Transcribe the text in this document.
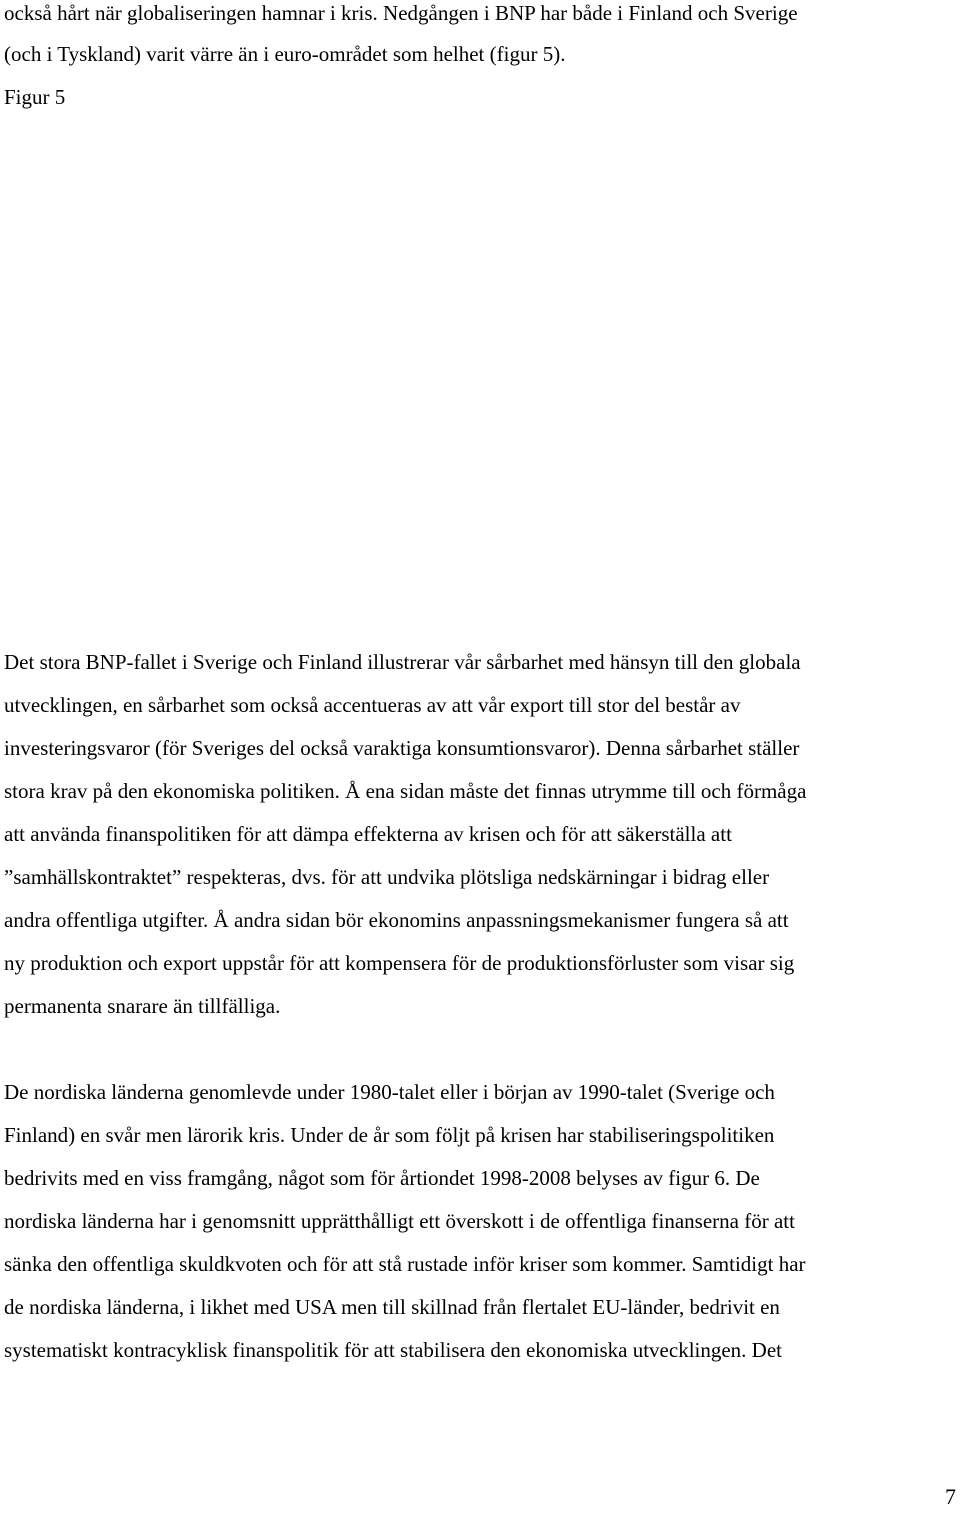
också hårt när globaliseringen hamnar i kris. Nedgången i BNP har både i Finland och Sverige

(och i Tyskland) varit värre än i euro-området som helhet (figur 5).

Figur 5

Det stora BNP-fallet i Sverige och Finland illustrerar vår sårbarhet med hänsyn till den globala

utvecklingen, en sårbarhet som också accentueras av att vår export till stor del består av

investeringsvaror (för Sveriges del också varaktiga konsumtionsvaror). Denna sårbarhet ställer

stora krav på den ekonomiska politiken. Å ena sidan måste det finnas utrymme till och förmåga

att använda finanspolitiken för att dämpa effekterna av krisen och för att säkerställa att

”samhällskontraktet” respekteras, dvs. för att undvika plötsliga nedskärningar i bidrag eller

andra offentliga utgifter. Å andra sidan bör ekonomins anpassningsmekanismer fungera så att

ny produktion och export uppstår för att kompensera för de produktionsförluster som visar sig

permanenta snarare än tillfälliga.

De nordiska länderna genomlevde under 1980-talet eller i början av 1990-talet (Sverige och

Finland) en svår men lärorik kris. Under de år som följt på krisen har stabiliseringspolitiken

bedrivits med en viss framgång, något som för årtiondet 1998-2008 belyses av figur 6. De

nordiska länderna har i genomsnitt upprätthålligt ett överskott i de offentliga finanserna för att

sänka den offentliga skuldkvoten och för att stå rustade inför kriser som kommer. Samtidigt har

de nordiska länderna, i likhet med USA men till skillnad från flertalet EU-länder, bedrivit en

systematiskt kontracyklisk finanspolitik för att stabilisera den ekonomiska utvecklingen. Det

7
